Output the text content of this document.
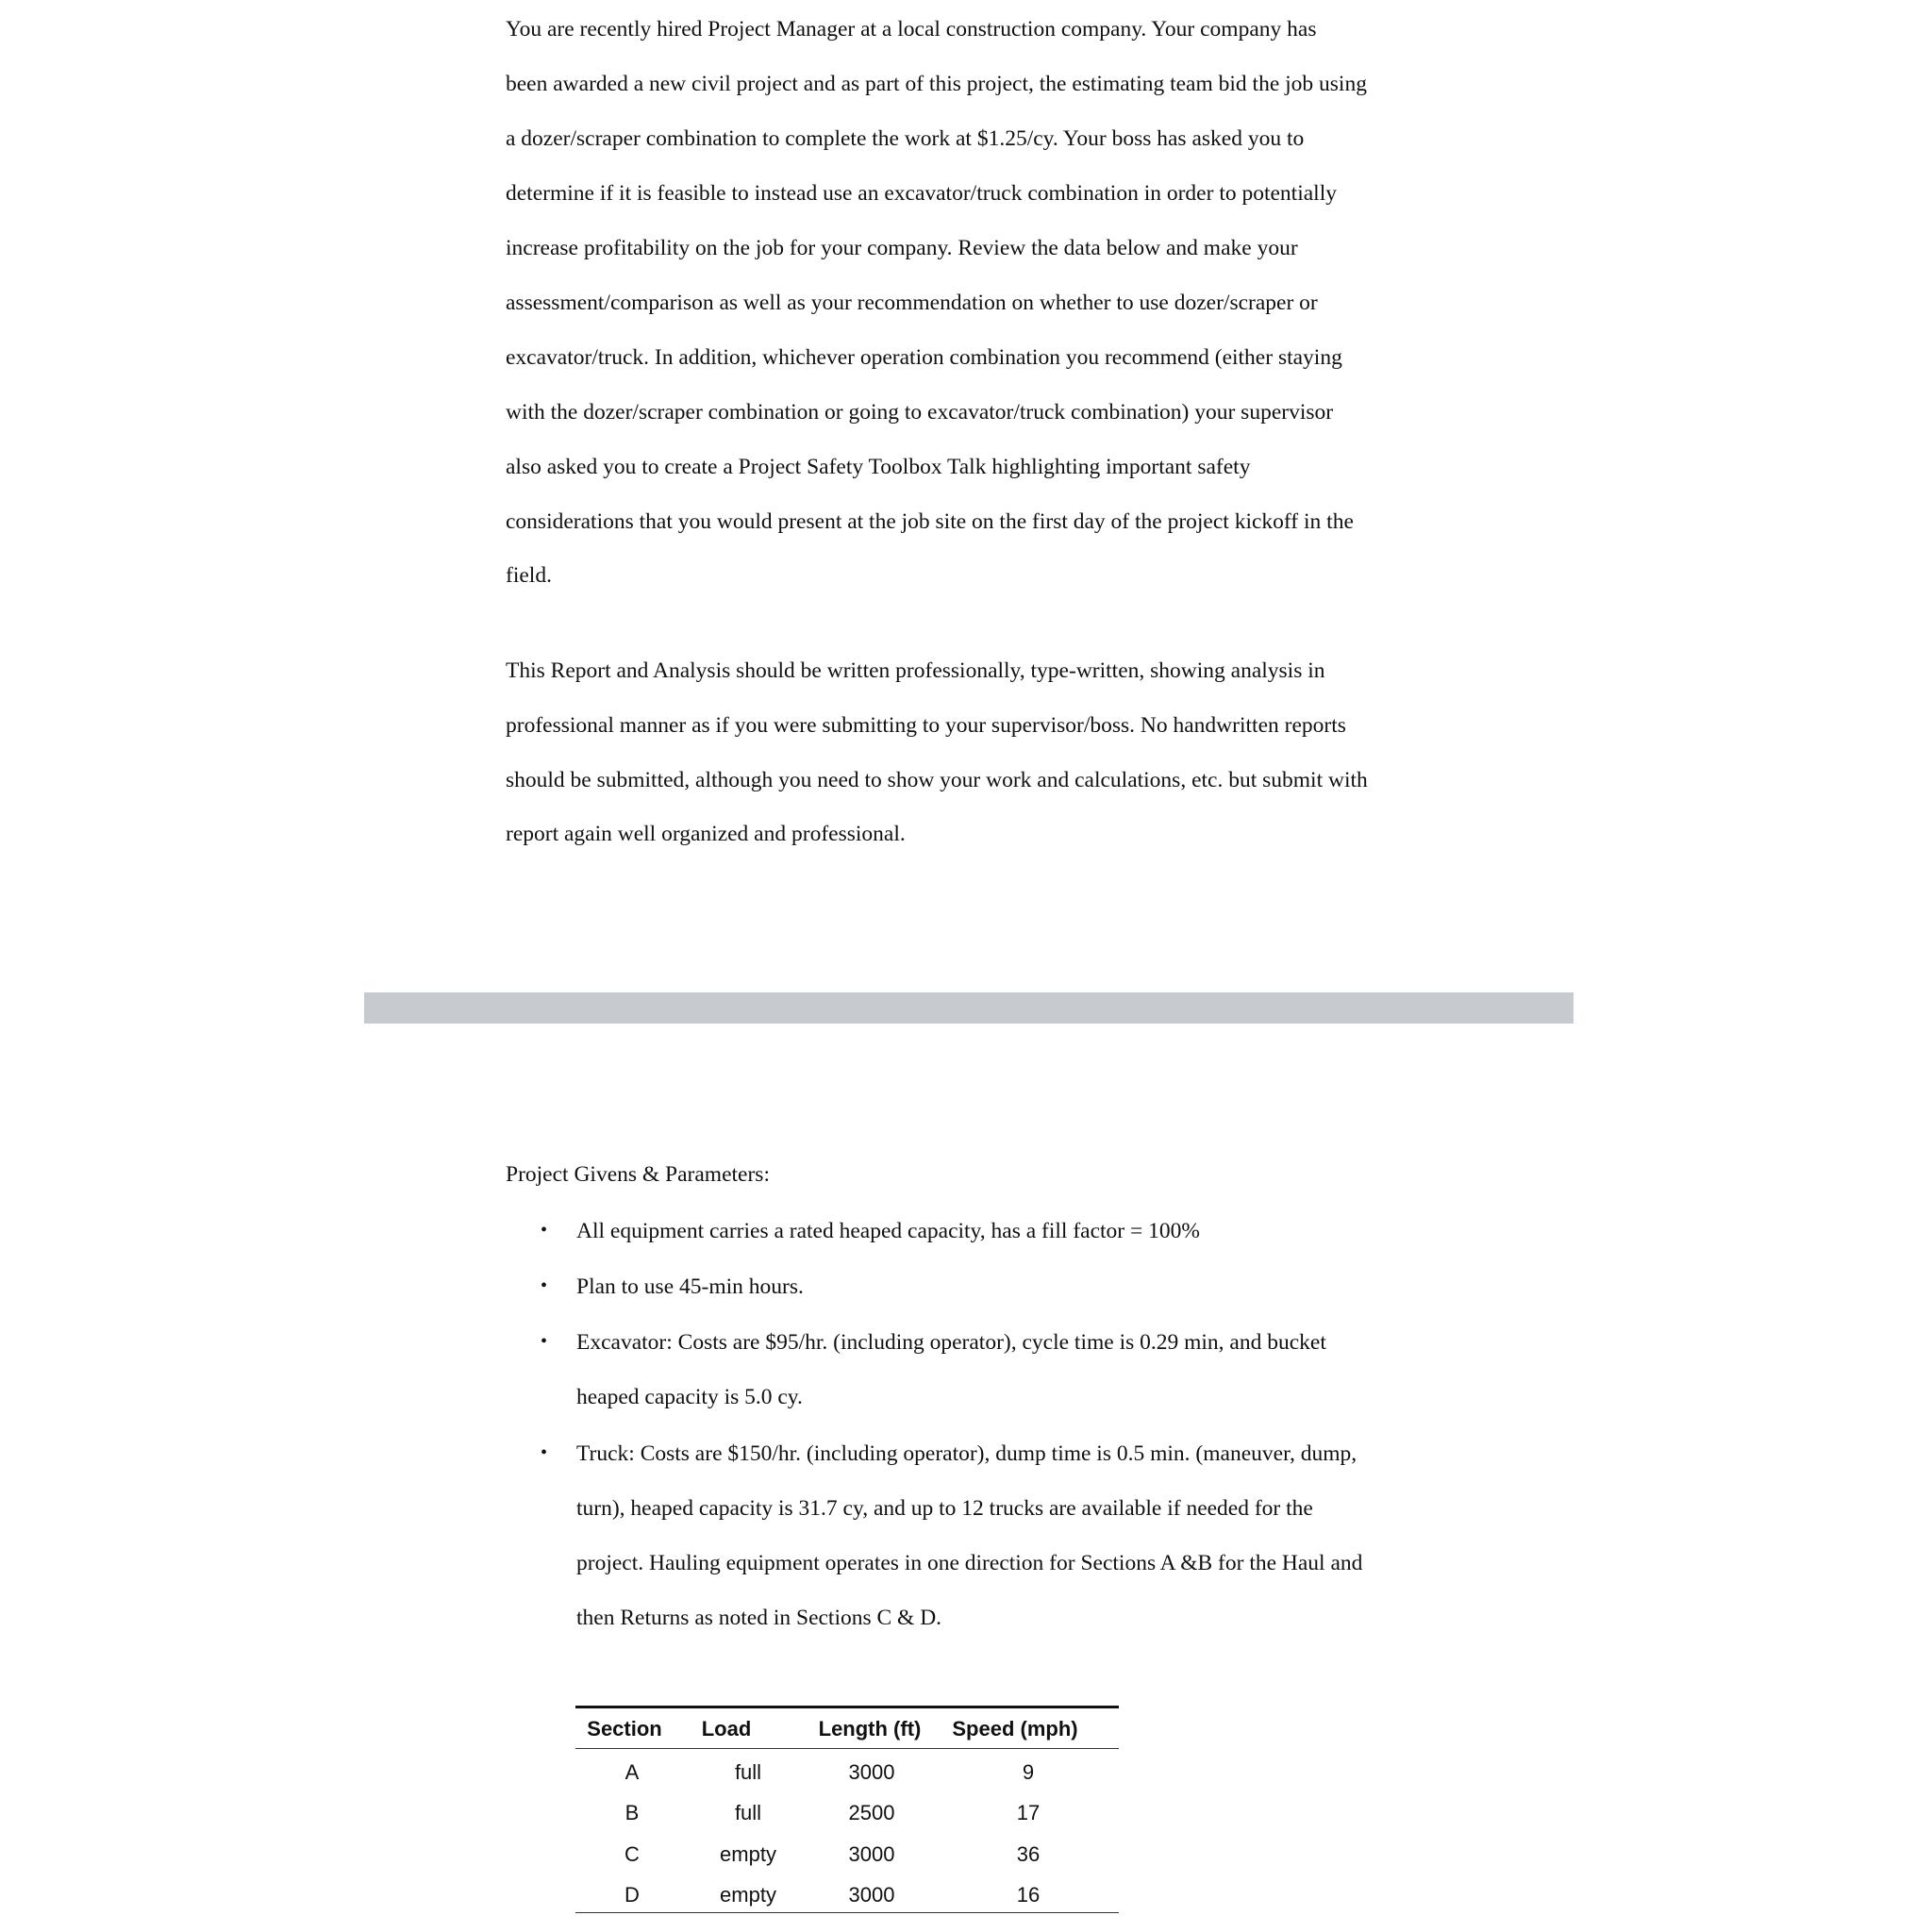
You are recently hired Project Manager at a local construction company. Your company has
been awarded a new civil project and as part of this project, the estimating team bid the job using
a dozer/scraper combination to complete the work at $1.25/cy. Your boss has asked you to
determine if it is feasible to instead use an excavator/truck combination in order to potentially
increase profitability on the job for your company. Review the data below and make your
assessment/comparison as well as your recommendation on whether to use dozer/scraper or
excavator/truck. In addition, whichever operation combination you recommend (either staying
with the dozer/scraper combination or going to excavator/truck combination) your supervisor
also asked you to create a Project Safety Toolbox Talk highlighting important safety
considerations that you would present at the job site on the first day of the project kickoff in the
field.
This Report and Analysis should be written professionally, type-written, showing analysis in
professional manner as if you were submitting to your supervisor/boss. No handwritten reports
should be submitted, although you need to show your work and calculations, etc. but submit with
report again well organized and professional.
Project Givens & Parameters:
• All equipment carries a rated heaped capacity, has a fill factor = 100%
• Plan to use 45-min hours.
• Excavator: Costs are $95/hr. (including operator), cycle time is 0.29 min, and bucket
heaped capacity is 5.0 cy.
• Truck: Costs are $150/hr. (including operator), dump time is 0.5 min. (maneuver, dump,
turn), heaped capacity is 31.7 cy, and up to 12 trucks are available if needed for the
project. Hauling equipment operates in one direction for Sections A &B for the Haul and
then Returns as noted in Sections C & D.
Section Load	Length (ft) Speed (mph)
A	full	3000	9
B	full	2500	17
C	empty	3000	36
D	empty	3000	16
